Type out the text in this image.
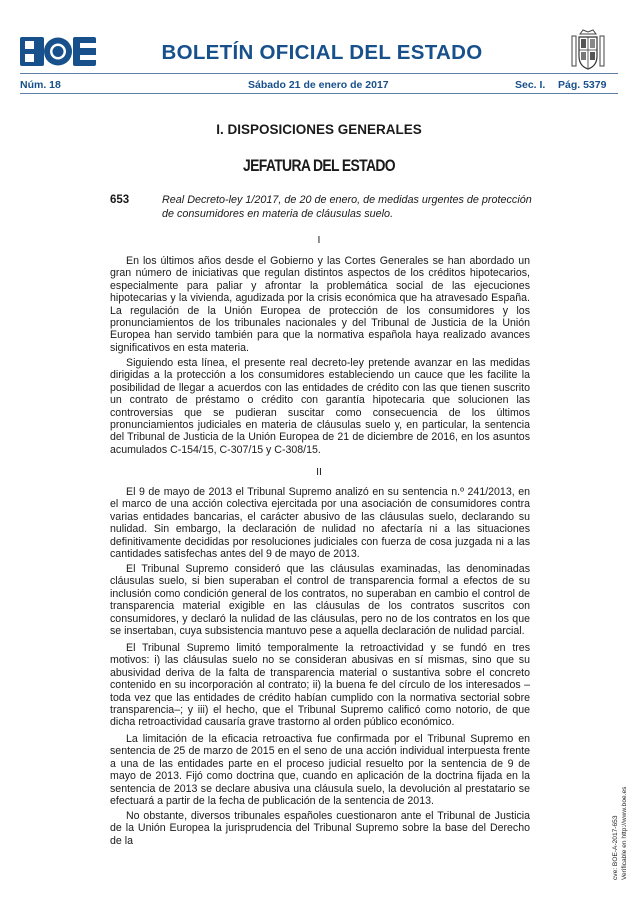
BOLETÍN OFICIAL DEL ESTADO
Núm. 18	Sábado 21 de enero de 2017	Sec. I. Pág. 5379
I. DISPOSICIONES GENERALES
JEFATURA DEL ESTADO
653	Real Decreto-ley 1/2017, de 20 de enero, de medidas urgentes de protección de consumidores en materia de cláusulas suelo.
I

En los últimos años desde el Gobierno y las Cortes Generales se han abordado un gran número de iniciativas que regulan distintos aspectos de los créditos hipotecarios, especialmente para paliar y afrontar la problemática social de las ejecuciones hipotecarias y la vivienda, agudizada por la crisis económica que ha atravesado España. La regulación de la Unión Europea de protección de los consumidores y los pronunciamientos de los tribunales nacionales y del Tribunal de Justicia de la Unión Europea han servido también para que la normativa española haya realizado avances significativos en esta materia.

Siguiendo esta línea, el presente real decreto-ley pretende avanzar en las medidas dirigidas a la protección a los consumidores estableciendo un cauce que les facilite la posibilidad de llegar a acuerdos con las entidades de crédito con las que tienen suscrito un contrato de préstamo o crédito con garantía hipotecaria que solucionen las controversias que se pudieran suscitar como consecuencia de los últimos pronunciamientos judiciales en materia de cláusulas suelo y, en particular, la sentencia del Tribunal de Justicia de la Unión Europea de 21 de diciembre de 2016, en los asuntos acumulados C-154/15, C-307/15 y C-308/15.

II

El 9 de mayo de 2013 el Tribunal Supremo analizó en su sentencia n.º 241/2013, en el marco de una acción colectiva ejercitada por una asociación de consumidores contra varias entidades bancarias, el carácter abusivo de las cláusulas suelo, declarando su nulidad. Sin embargo, la declaración de nulidad no afectaría ni a las situaciones definitivamente decididas por resoluciones judiciales con fuerza de cosa juzgada ni a las cantidades satisfechas antes del 9 de mayo de 2013.

El Tribunal Supremo consideró que las cláusulas examinadas, las denominadas cláusulas suelo, si bien superaban el control de transparencia formal a efectos de su inclusión como condición general de los contratos, no superaban en cambio el control de transparencia material exigible en las cláusulas de los contratos suscritos con consumidores, y declaró la nulidad de las cláusulas, pero no de los contratos en los que se insertaban, cuya subsistencia mantuvo pese a aquella declaración de nulidad parcial.

El Tribunal Supremo limitó temporalmente la retroactividad y se fundó en tres motivos: i) las cláusulas suelo no se consideran abusivas en sí mismas, sino que su abusividad deriva de la falta de transparencia material o sustantiva sobre el concreto contenido en su incorporación al contrato; ii) la buena fe del círculo de los interesados –toda vez que las entidades de crédito habían cumplido con la normativa sectorial sobre transparencia–; y iii) el hecho, que el Tribunal Supremo calificó como notorio, de que dicha retroactividad causaría grave trastorno al orden público económico.

La limitación de la eficacia retroactiva fue confirmada por el Tribunal Supremo en sentencia de 25 de marzo de 2015 en el seno de una acción individual interpuesta frente a una de las entidades parte en el proceso judicial resuelto por la sentencia de 9 de mayo de 2013. Fijó como doctrina que, cuando en aplicación de la doctrina fijada en la sentencia de 2013 se declare abusiva una cláusula suelo, la devolución al prestatario se efectuará a partir de la fecha de publicación de la sentencia de 2013.

No obstante, diversos tribunales españoles cuestionaron ante el Tribunal de Justicia de la Unión Europea la jurisprudencia del Tribunal Supremo sobre la base del Derecho de la	cve: BOE-A-2017-653 Verificable en http://www.boe.es
